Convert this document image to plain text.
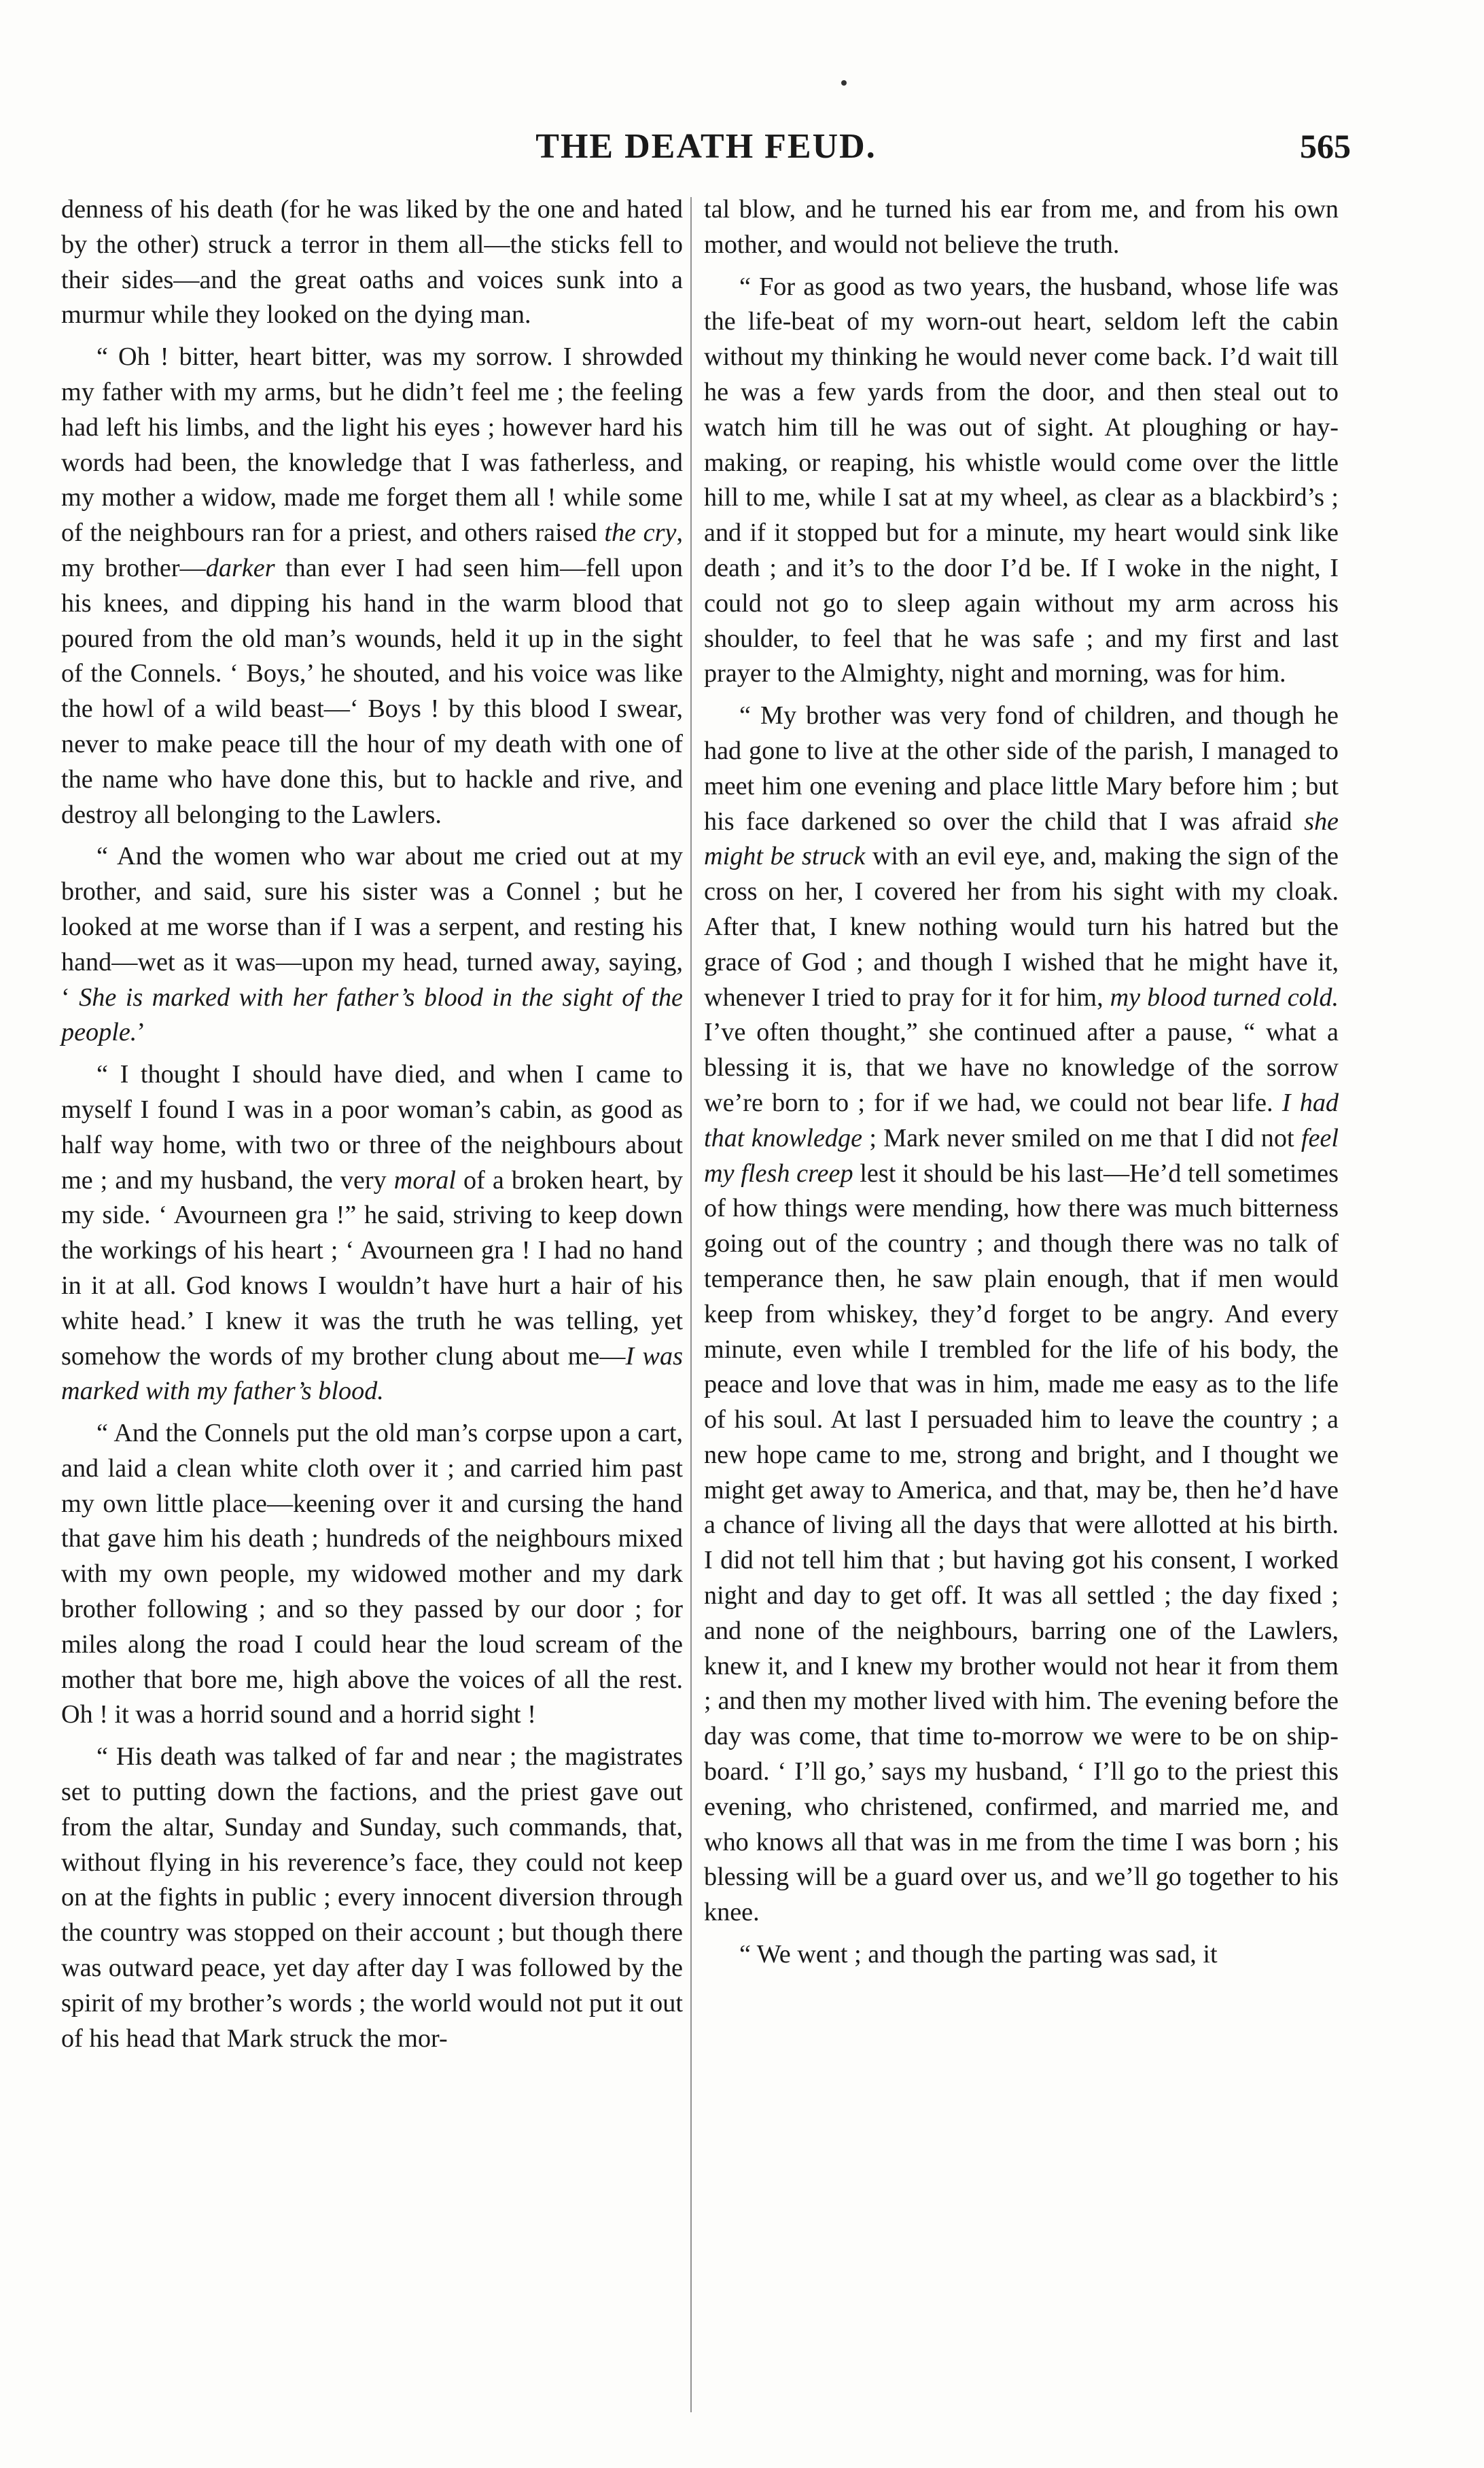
THE DEATH FEUD.	565

denness of his death (for he was liked by the one and hated by the other) struck a terror in them all—the sticks fell to their sides—and the great oaths and voices sunk into a murmur while they looked on the dying man.

“ Oh ! bitter, heart bitter, was my sorrow. I shrowded my father with my arms, but he didn’t feel me ; the feeling had left his limbs, and the light his eyes ; however hard his words had been, the knowledge that I was fatherless, and my mother a widow, made me forget them all ! while some of the neighbours ran for a priest, and others raised the cry, my brother—darker than ever I had seen him—fell upon his knees, and dipping his hand in the warm blood that poured from the old man’s wounds, held it up in the sight of the Connels. ‘ Boys,’ he shouted, and his voice was like the howl of a wild beast—‘ Boys ! by this blood I swear, never to make peace till the hour of my death with one of the name who have done this, but to hackle and rive, and destroy all belonging to the Lawlers.

“ And the women who war about me cried out at my brother, and said, sure his sister was a Connel ; but he looked at me worse than if I was a serpent, and resting his hand—wet as it was—upon my head, turned away, saying, ‘ She is marked with her father’s blood in the sight of the people.’

“ I thought I should have died, and when I came to myself I found I was in a poor woman’s cabin, as good as half way home, with two or three of the neighbours about me ; and my husband, the very moral of a broken heart, by my side. ‘ Avourneen gra !” he said, striving to keep down the workings of his heart ; ‘ Avourneen gra ! I had no hand in it at all. God knows I wouldn’t have hurt a hair of his white head.’ I knew it was the truth he was telling, yet somehow the words of my brother clung about me—I was marked with my father’s blood.

“ And the Connels put the old man’s corpse upon a cart, and laid a clean white cloth over it ; and carried him past my own little place—keening over it and cursing the hand that gave him his death ; hundreds of the neighbours mixed with my own people, my widowed mother and my dark brother following ; and so they passed by our door ; for miles along the road I could hear the loud scream of the mother that bore me, high above the voices of all the rest. Oh ! it was a horrid sound and a horrid sight !

“ His death was talked of far and near ; the magistrates set to putting down the factions, and the priest gave out from the altar, Sunday and Sunday, such commands, that, without flying in his reverence’s face, they could not keep on at the fights in public ; every innocent diversion through the country was stopped on their account ; but though there was outward peace, yet day after day I was followed by the spirit of my brother’s words ; the world would not put it out of his head that Mark struck the mor-

tal blow, and he turned his ear from me, and from his own mother, and would not believe the truth.

“ For as good as two years, the husband, whose life was the life-beat of my worn-out heart, seldom left the cabin without my thinking he would never come back. I’d wait till he was a few yards from the door, and then steal out to watch him till he was out of sight. At ploughing or hay-making, or reaping, his whistle would come over the little hill to me, while I sat at my wheel, as clear as a blackbird’s ; and if it stopped but for a minute, my heart would sink like death ; and it’s to the door I’d be. If I woke in the night, I could not go to sleep again without my arm across his shoulder, to feel that he was safe ; and my first and last prayer to the Almighty, night and morning, was for him.

“ My brother was very fond of children, and though he had gone to live at the other side of the parish, I managed to meet him one evening and place little Mary before him ; but his face darkened so over the child that I was afraid she might be struck with an evil eye, and, making the sign of the cross on her, I covered her from his sight with my cloak. After that, I knew nothing would turn his hatred but the grace of God ; and though I wished that he might have it, whenever I tried to pray for it for him, my blood turned cold. I’ve often thought,” she continued after a pause, “ what a blessing it is, that we have no knowledge of the sorrow we’re born to ; for if we had, we could not bear life. I had that knowledge ; Mark never smiled on me that I did not feel my flesh creep lest it should be his last—He’d tell sometimes of how things were mending, how there was much bitterness going out of the country ; and though there was no talk of temperance then, he saw plain enough, that if men would keep from whiskey, they’d forget to be angry. And every minute, even while I trembled for the life of his body, the peace and love that was in him, made me easy as to the life of his soul. At last I persuaded him to leave the country ; a new hope came to me, strong and bright, and I thought we might get away to America, and that, may be, then he’d have a chance of living all the days that were allotted at his birth. I did not tell him that ; but having got his consent, I worked night and day to get off. It was all settled ; the day fixed ; and none of the neighbours, barring one of the Lawlers, knew it, and I knew my brother would not hear it from them ; and then my mother lived with him. The evening before the day was come, that time to-morrow we were to be on ship-board. ‘ I’ll go,’ says my husband, ‘ I’ll go to the priest this evening, who christened, confirmed, and married me, and who knows all that was in me from the time I was born ; his blessing will be a guard over us, and we’ll go together to his knee.

“ We went ; and though the parting was sad, it
